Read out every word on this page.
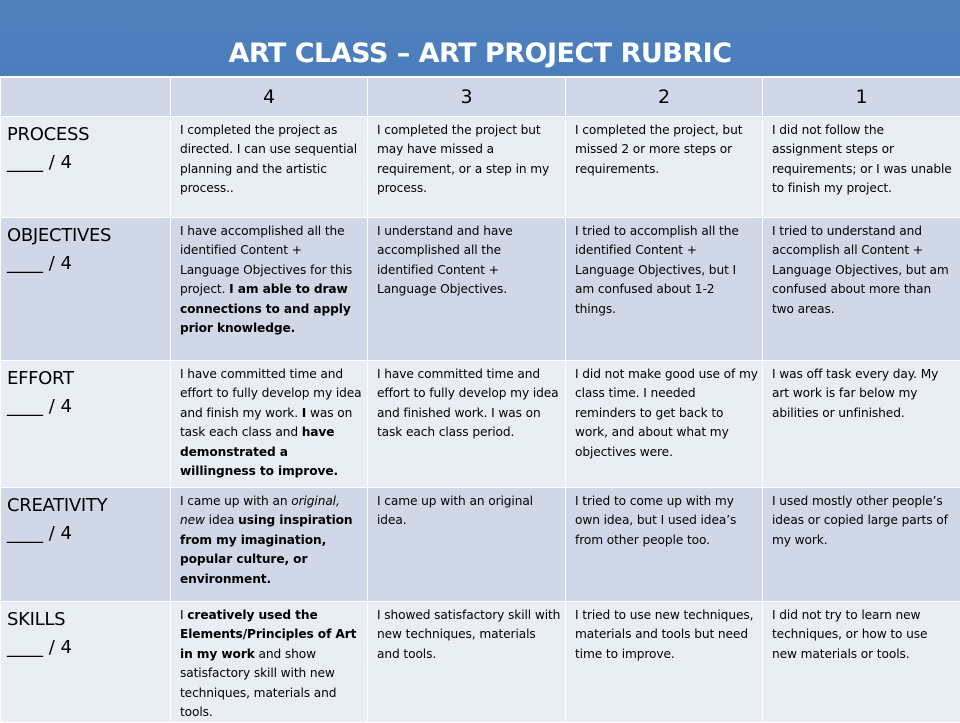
ART CLASS – ART PROJECT RUBRIC
	4	3	2	1

PROCESS
____ / 4	I completed the project as directed. I can use sequential planning and the artistic process..	I completed the project but may have missed a requirement, or a step in my process.	I completed the project, but missed 2 or more steps or requirements.	I did not follow the assignment steps or requirements; or I was unable to finish my project.

OBJECTIVES
____ / 4	I have accomplished all the identified Content + Language Objectives for this project. I am able to draw connections to and apply prior knowledge.	I understand and have accomplished all the identified Content + Language Objectives.	I tried to accomplish all the identified Content + Language Objectives, but I am confused about 1-2 things.	I tried to understand and accomplish all Content + Language Objectives, but am confused about more than two areas.

EFFORT
____ / 4	I have committed time and effort to fully develop my idea and finish my work. I was on task each class and have demonstrated a willingness to improve.	I have committed time and effort to fully develop my idea and finished work. I was on task each class period.	I did not make good use of my class time. I needed reminders to get back to work, and about what my objectives were.	I was off task every day. My art work is far below my abilities or unfinished.

CREATIVITY
____ / 4	I came up with an original, new idea using inspiration from my imagination, popular culture, or environment.	I came up with an original idea.	I tried to come up with my own idea, but I used idea’s from other people too.	I used mostly other people’s ideas or copied large parts of my work.

SKILLS
____ / 4	I creatively used the Elements/Principles of Art in my work and show satisfactory skill with new techniques, materials and tools.	I showed satisfactory skill with new techniques, materials and tools.	I tried to use new techniques, materials and tools but need time to improve.	I did not try to learn new techniques, or how to use new materials or tools.
